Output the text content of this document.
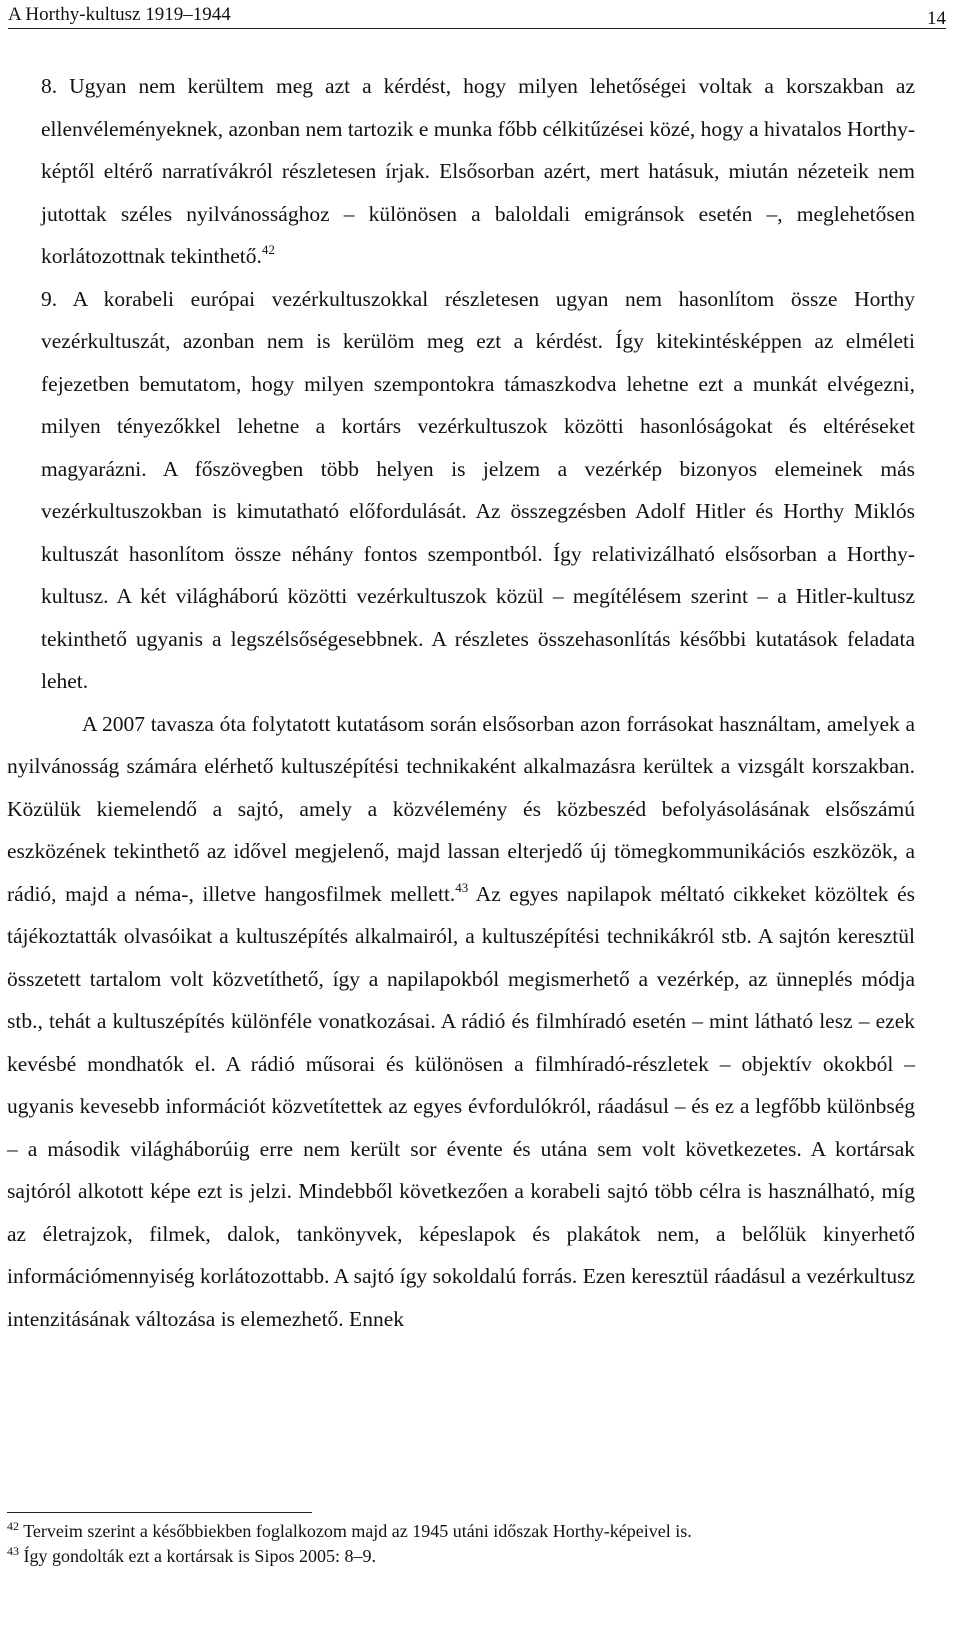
A Horthy-kultusz 1919–1944	14

8. Ugyan nem kerültem meg azt a kérdést, hogy milyen lehetőségei voltak a korszakban az ellenvéleményeknek, azonban nem tartozik e munka főbb célkitűzései közé, hogy a hivatalos Horthy-képtől eltérő narratívákról részletesen írjak. Elsősorban azért, mert hatásuk, miután nézeteik nem jutottak széles nyilvánossághoz – különösen a baloldali emigránsok esetén –, meglehetősen korlátozottnak tekinthető.$^{42}$

9. A korabeli európai vezérkultuszokkal részletesen ugyan nem hasonlítom össze Horthy vezérkultuszát, azonban nem is kerülöm meg ezt a kérdést. Így kitekintésképpen az elméleti fejezetben bemutatom, hogy milyen szempontokra támaszkodva lehetne ezt a munkát elvégezni, milyen tényezőkkel lehetne a kortárs vezérkultuszok közötti hasonlóságokat és eltéréseket magyarázni. A főszövegben több helyen is jelzem a vezérkép bizonyos elemeinek más vezérkultuszokban is kimutatható előfordulását. Az összegzésben Adolf Hitler és Horthy Miklós kultuszát hasonlítom össze néhány fontos szempontból. Így relativizálható elsősorban a Horthy-kultusz. A két világháború közötti vezérkultuszok közül – megítélésem szerint – a Hitler-kultusz tekinthető ugyanis a legszélsőségesebbnek. A részletes összehasonlítás későbbi kutatások feladata lehet.

A 2007 tavasza óta folytatott kutatásom során elsősorban azon forrásokat használtam, amelyek a nyilvánosság számára elérhető kultuszépítési technikaként alkalmazásra kerültek a vizsgált korszakban. Közülük kiemelendő a sajtó, amely a közvélemény és közbeszéd befolyásolásának elsőszámú eszközének tekinthető az idővel megjelenő, majd lassan elterjedő új tömegkommunikációs eszközök, a rádió, majd a néma-, illetve hangosfilmek mellett.$^{43}$ Az egyes napilapok méltató cikkeket közöltek és tájékoztatták olvasóikat a kultuszépítés alkalmairól, a kultuszépítési technikákról stb. A sajtón keresztül összetett tartalom volt közvetíthető, így a napilapokból megismerhető a vezérkép, az ünneplés módja stb., tehát a kultuszépítés különféle vonatkozásai. A rádió és filmhíradó esetén – mint látható lesz – ezek kevésbé mondhatók el. A rádió műsorai és különösen a filmhíradó-részletek – objektív okokból – ugyanis kevesebb információt közvetítettek az egyes évfordulókról, ráadásul – és ez a legfőbb különbség – a második világháborúig erre nem került sor évente és utána sem volt következetes. A kortársak sajtóról alkotott képe ezt is jelzi. Mindebből következően a korabeli sajtó több célra is használható, míg az életrajzok, filmek, dalok, tankönyvek, képeslapok és plakátok nem, a belőlük kinyerhető információmennyiség korlátozottabb. A sajtó így sokoldalú forrás. Ezen keresztül ráadásul a vezérkultusz intenzitásának változása is elemezhető. Ennek

$^{42}$ Terveim szerint a későbbiekben foglalkozom majd az 1945 utáni időszak Horthy-képeivel is.
$^{43}$ Így gondolták ezt a kortársak is Sipos 2005: 8–9.
